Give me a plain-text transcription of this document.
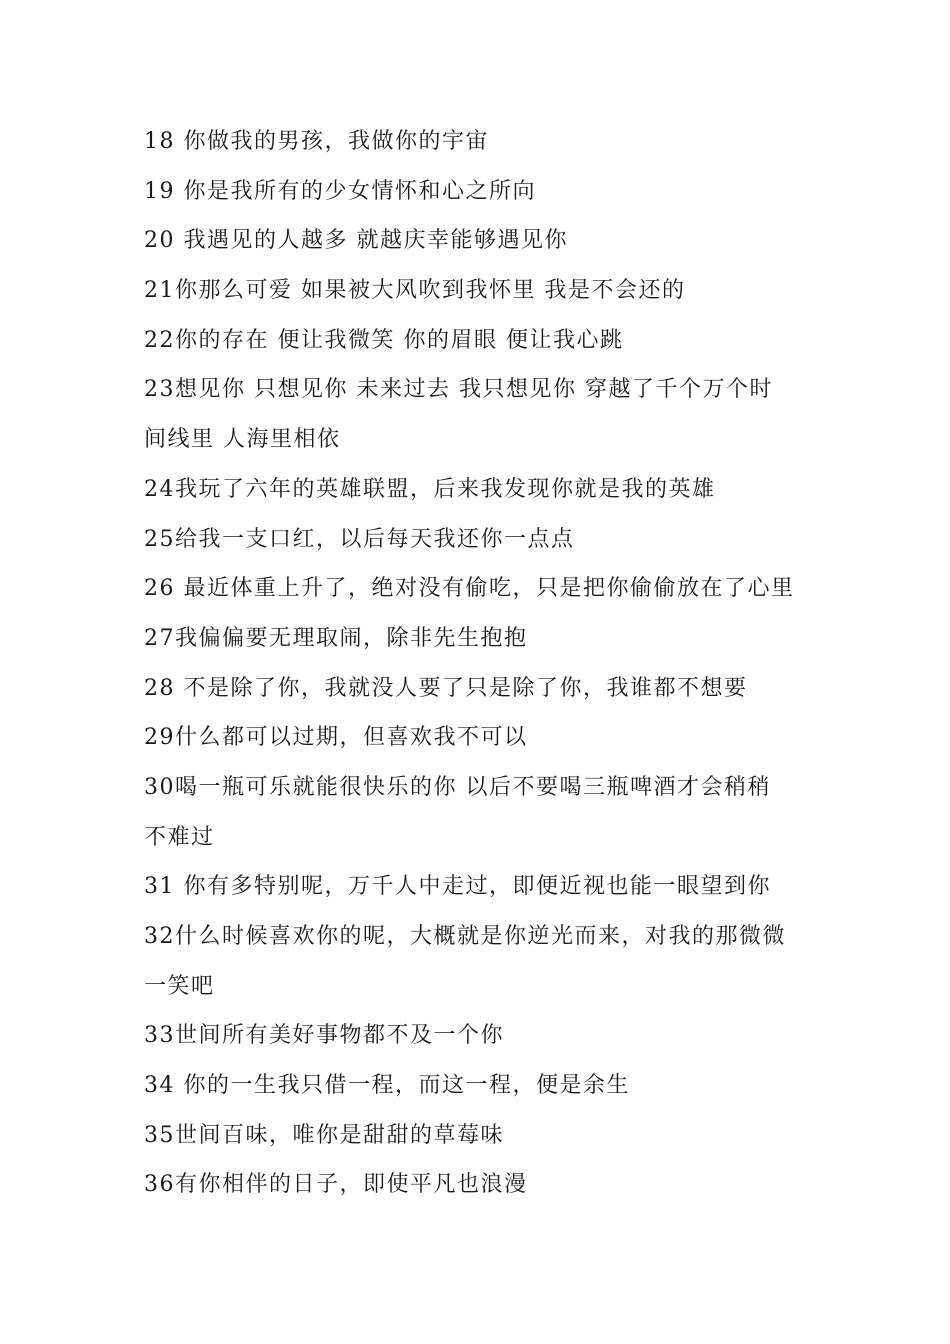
18 你做我的男孩，我做你的宇宙
19 你是我所有的少女情怀和心之所向
20 我遇见的人越多 就越庆幸能够遇见你
21你那么可爱 如果被大风吹到我怀里 我是不会还的
22你的存在 便让我微笑 你的眉眼 便让我心跳
23想见你 只想见你 未来过去 我只想见你 穿越了千个万个时
间线里 人海里相依
24我玩了六年的英雄联盟，后来我发现你就是我的英雄
25给我一支口红，以后每天我还你一点点
26 最近体重上升了，绝对没有偷吃，只是把你偷偷放在了心里
27我偏偏要无理取闹，除非先生抱抱
28 不是除了你，我就没人要了只是除了你，我谁都不想要
29什么都可以过期，但喜欢我不可以
30喝一瓶可乐就能很快乐的你 以后不要喝三瓶啤酒才会稍稍
不难过
31 你有多特别呢，万千人中走过，即便近视也能一眼望到你
32什么时候喜欢你的呢，大概就是你逆光而来，对我的那微微
一笑吧
33世间所有美好事物都不及一个你
34 你的一生我只借一程，而这一程，便是余生
35世间百味，唯你是甜甜的草莓味
36有你相伴的日子，即使平凡也浪漫
